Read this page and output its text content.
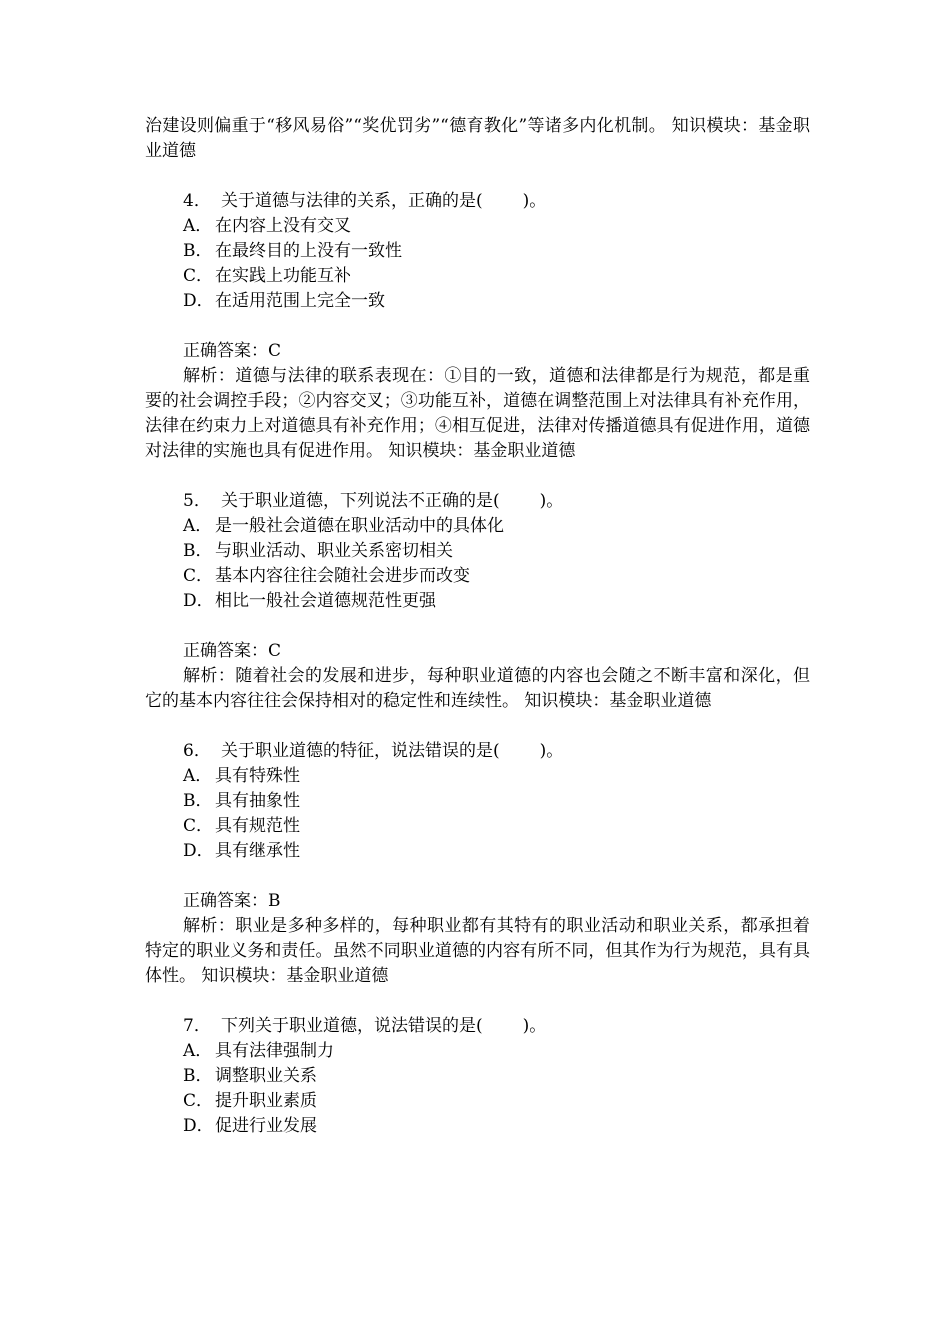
治建设则偏重于“移风易俗”“奖优罚劣”“德育教化”等诸多内化机制。 知识模块：基金职业道德

4． 关于道德与法律的关系，正确的是( )。

A． 在内容上没有交叉

B． 在最终目的上没有一致性

C． 在实践上功能互补

D．在适用范围上完全一致

正确答案：C

解析：道德与法律的联系表现在：①目的一致，道德和法律都是行为规范，都是重要的社会调控手段；②内容交叉；③功能互补，道德在调整范围上对法律具有补充作用，法律在约束力上对道德具有补充作用；④相互促进，法律对传播道德具有促进作用，道德对法律的实施也具有促进作用。 知识模块：基金职业道德

5． 关于职业道德，下列说法不正确的是( )。

A． 是一般社会道德在职业活动中的具体化

B． 与职业活动、职业关系密切相关

C． 基本内容往往会随社会进步而改变

D．相比一般社会道德规范性更强

正确答案：C

解析：随着社会的发展和进步，每种职业道德的内容也会随之不断丰富和深化，但它的基本内容往往会保持相对的稳定性和连续性。 知识模块：基金职业道德

6． 关于职业道德的特征，说法错误的是( )。

A． 具有特殊性

B． 具有抽象性

C． 具有规范性

D．具有继承性

正确答案：B

解析：职业是多种多样的，每种职业都有其特有的职业活动和职业关系，都承担着特定的职业义务和责任。虽然不同职业道德的内容有所不同，但其作为行为规范，具有具体性。 知识模块：基金职业道德

7． 下列关于职业道德，说法错误的是( )。

A． 具有法律强制力

B． 调整职业关系

C． 提升职业素质

D．促进行业发展
